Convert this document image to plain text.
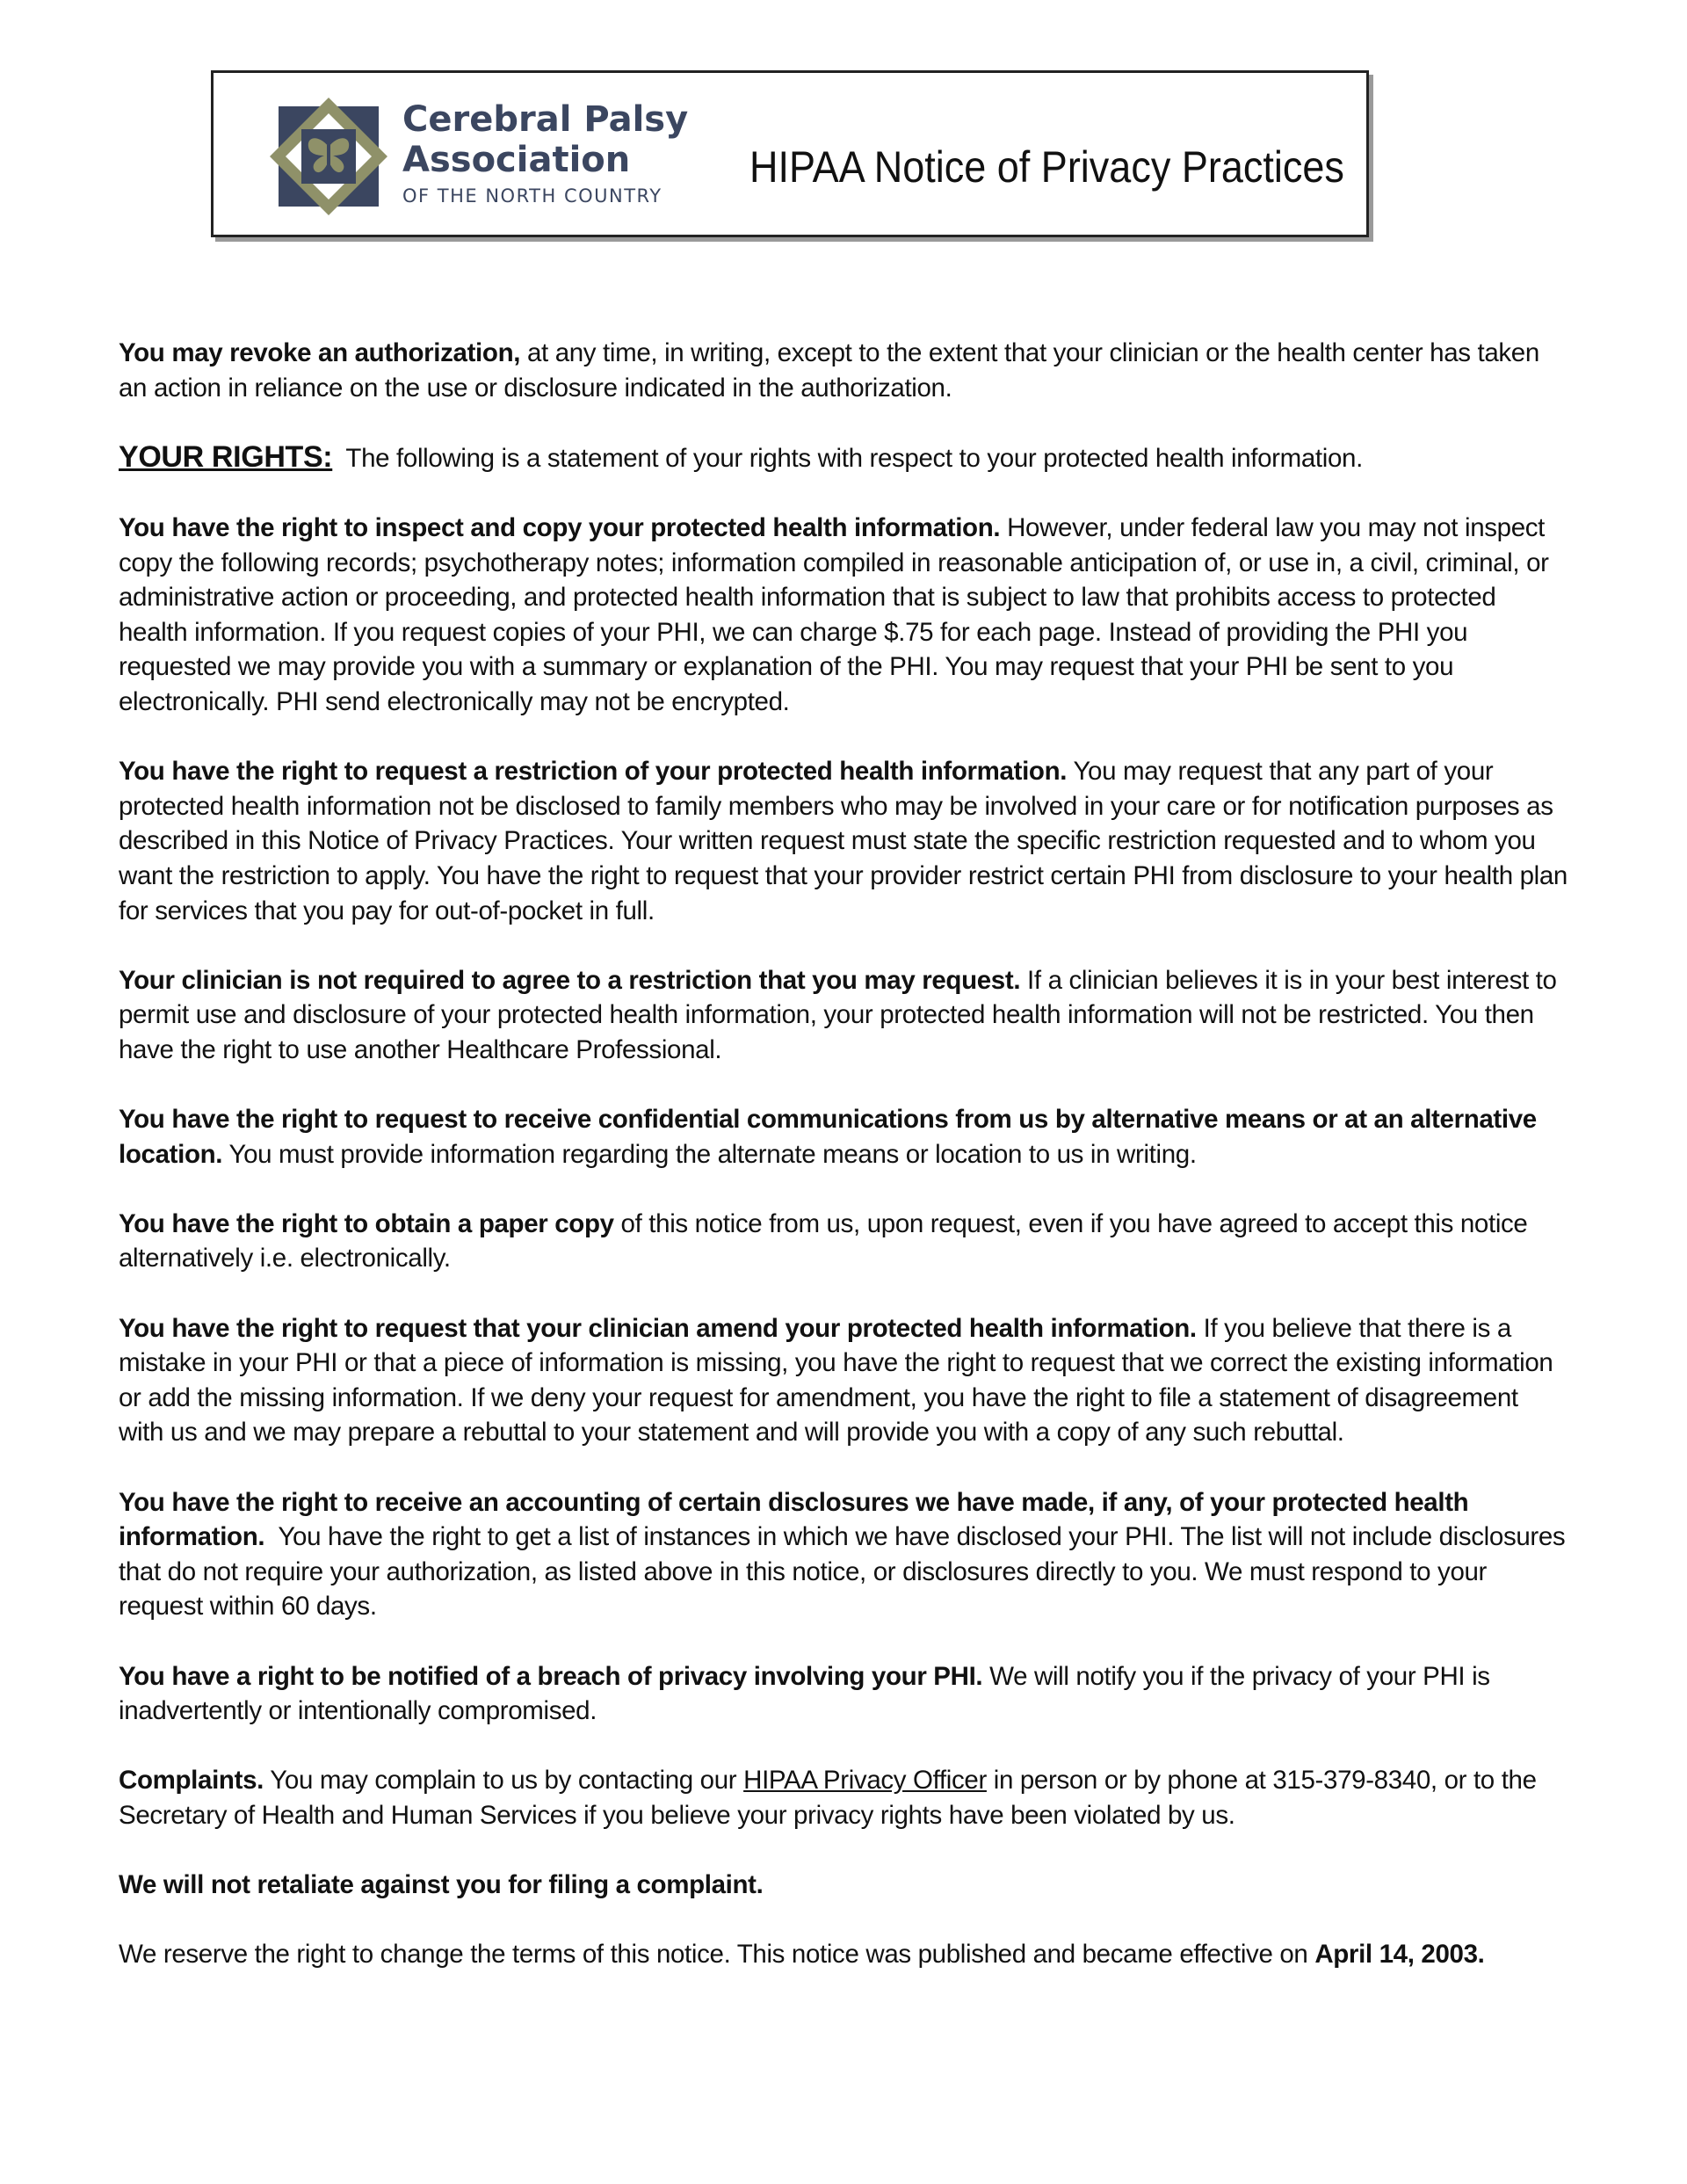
Cerebral Palsy
Association
OF THE NORTH COUNTRY
HIPAA Notice of Privacy Practices

You may revoke an authorization, at any time, in writing, except to the extent that your clinician or the health center has taken an action in reliance on the use or disclosure indicated in the authorization.

YOUR RIGHTS:  The following is a statement of your rights with respect to your protected health information.

You have the right to inspect and copy your protected health information. However, under federal law you may not inspect copy the following records; psychotherapy notes; information compiled in reasonable anticipation of, or use in, a civil, criminal, or administrative action or proceeding, and protected health information that is subject to law that prohibits access to protected health information. If you request copies of your PHI, we can charge $.75 for each page. Instead of providing the PHI you requested we may provide you with a summary or explanation of the PHI. You may request that your PHI be sent to you electronically. PHI send electronically may not be encrypted.

You have the right to request a restriction of your protected health information. You may request that any part of your protected health information not be disclosed to family members who may be involved in your care or for notification purposes as described in this Notice of Privacy Practices. Your written request must state the specific restriction requested and to whom you want the restriction to apply. You have the right to request that your provider restrict certain PHI from disclosure to your health plan for services that you pay for out-of-pocket in full.

Your clinician is not required to agree to a restriction that you may request. If a clinician believes it is in your best interest to permit use and disclosure of your protected health information, your protected health information will not be restricted. You then have the right to use another Healthcare Professional.

You have the right to request to receive confidential communications from us by alternative means or at an alternative location. You must provide information regarding the alternate means or location to us in writing.

You have the right to obtain a paper copy of this notice from us, upon request, even if you have agreed to accept this notice alternatively i.e. electronically.

You have the right to request that your clinician amend your protected health information. If you believe that there is a mistake in your PHI or that a piece of information is missing, you have the right to request that we correct the existing information or add the missing information. If we deny your request for amendment, you have the right to file a statement of disagreement with us and we may prepare a rebuttal to your statement and will provide you with a copy of any such rebuttal.

You have the right to receive an accounting of certain disclosures we have made, if any, of your protected health information.  You have the right to get a list of instances in which we have disclosed your PHI. The list will not include disclosures that do not require your authorization, as listed above in this notice, or disclosures directly to you. We must respond to your request within 60 days.

You have a right to be notified of a breach of privacy involving your PHI. We will notify you if the privacy of your PHI is inadvertently or intentionally compromised.

Complaints. You may complain to us by contacting our HIPAA Privacy Officer in person or by phone at 315-379-8340, or to the Secretary of Health and Human Services if you believe your privacy rights have been violated by us.

We will not retaliate against you for filing a complaint.

We reserve the right to change the terms of this notice. This notice was published and became effective on April 14, 2003.
